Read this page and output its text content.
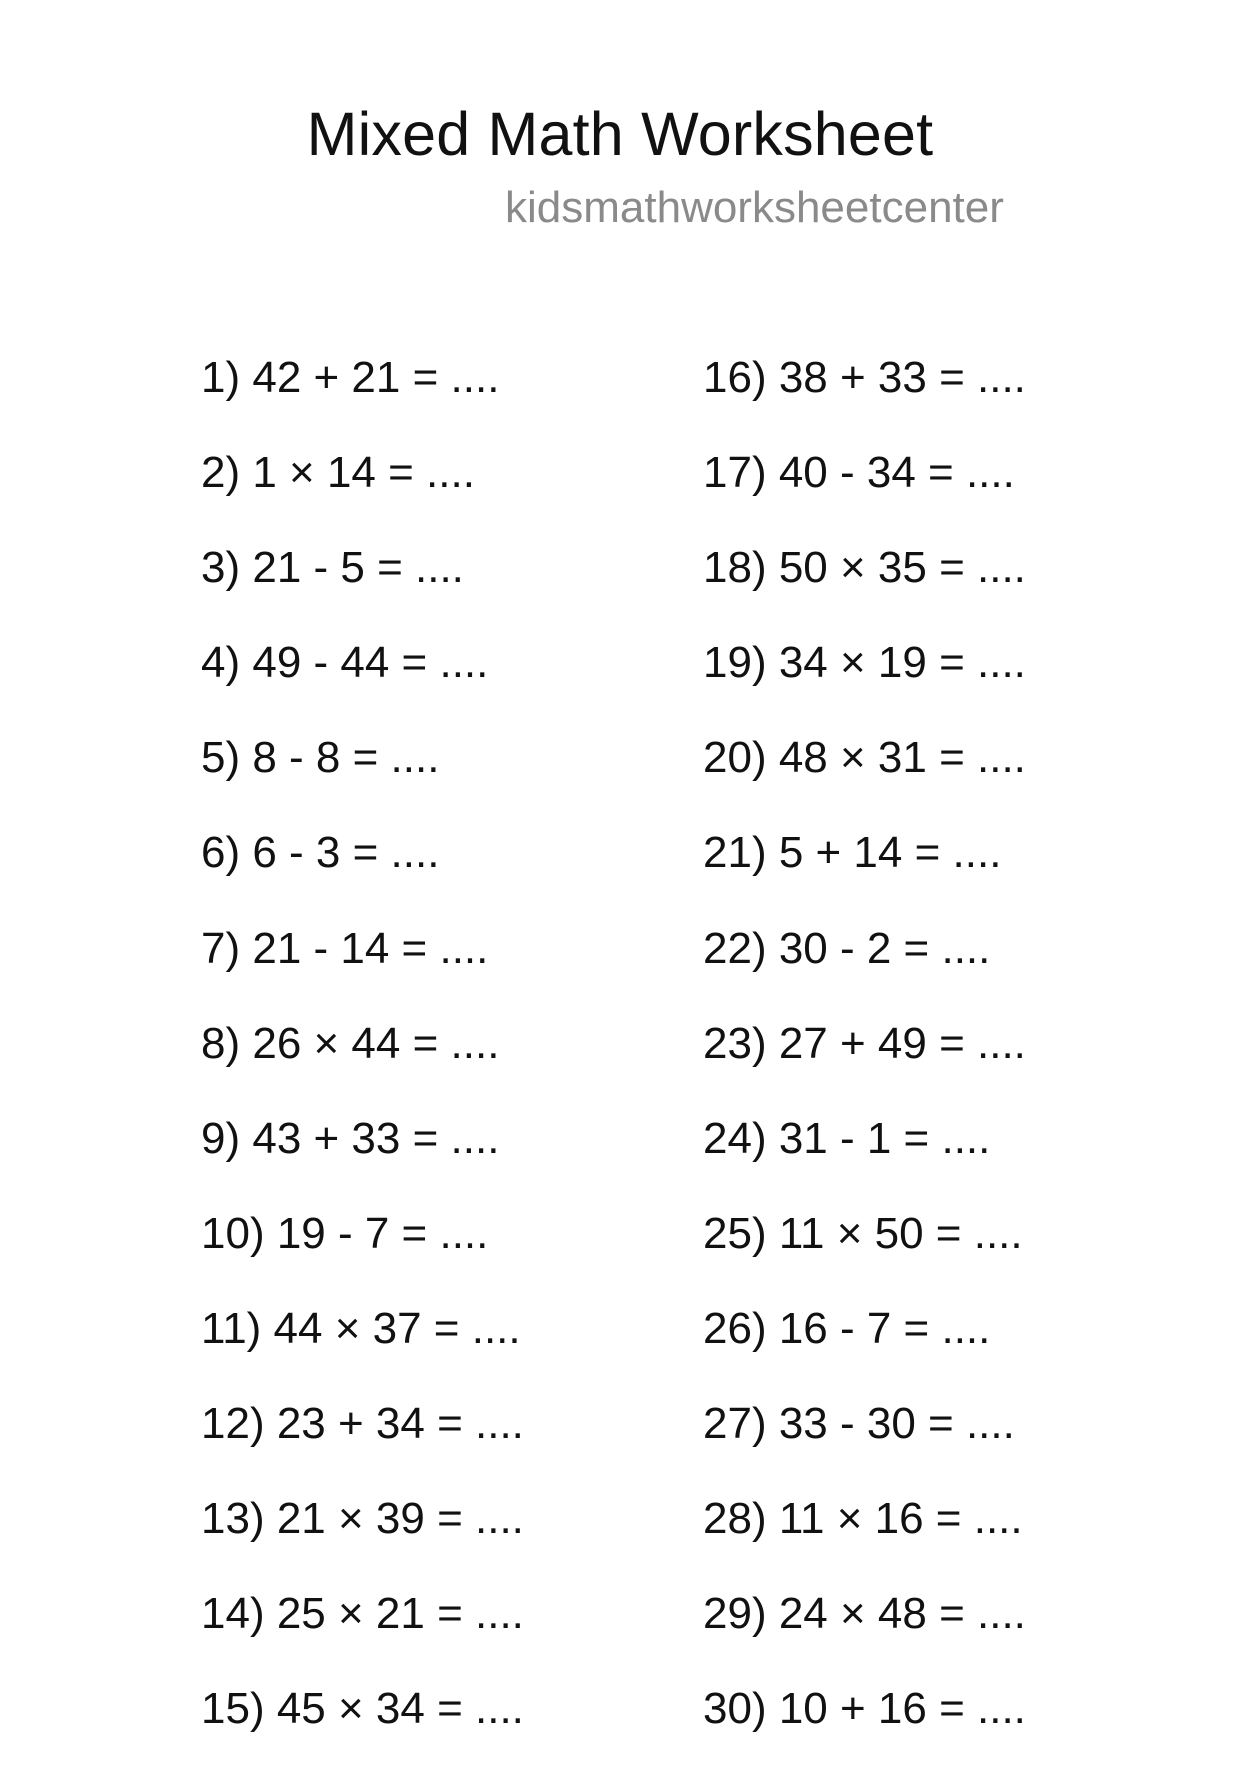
Mixed Math Worksheet
kidsmathworksheetcenter
1) 42 + 21 = ....
2) 1 × 14 = ....
3) 21 - 5 = ....
4) 49 - 44 = ....
5) 8 - 8 = ....
6) 6 - 3 = ....
7) 21 - 14 = ....
8) 26 × 44 = ....
9) 43 + 33 = ....
10) 19 - 7 = ....
11) 44 × 37 = ....
12) 23 + 34 = ....
13) 21 × 39 = ....
14) 25 × 21 = ....
15) 45 × 34 = ....
16) 38 + 33 = ....
17) 40 - 34 = ....
18) 50 × 35 = ....
19) 34 × 19 = ....
20) 48 × 31 = ....
21) 5 + 14 = ....
22) 30 - 2 = ....
23) 27 + 49 = ....
24) 31 - 1 = ....
25) 11 × 50 = ....
26) 16 - 7 = ....
27) 33 - 30 = ....
28) 11 × 16 = ....
29) 24 × 48 = ....
30) 10 + 16 = ....
